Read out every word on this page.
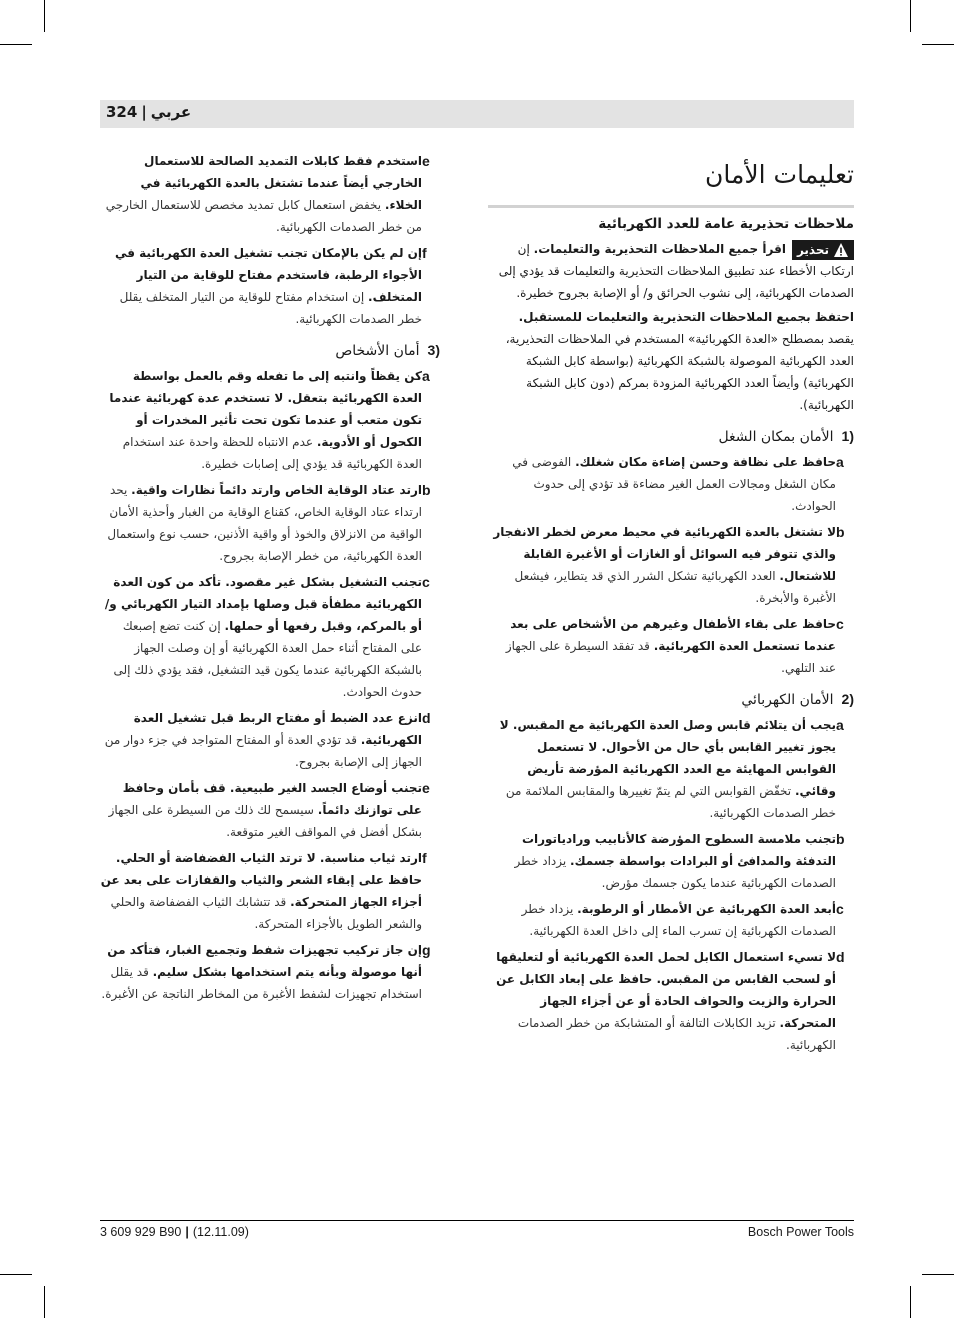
324 | عربي
تعليمات الأمان
ملاحظات تحذيرية عامة للعدد الكهربائية

تحذير
اقرأ جميع الملاحظات التحذيرية والتعليمات. إن ارتكاب الأخطاء عند تطبيق الملاحظات التحذيرية والتعليمات قد يؤدي إلى الصدمات الكهربائية، إلى نشوب الحرائق و/ أو الإصابة بجروح خطيرة.

احتفظ بجميع الملاحظات التحذيرية والتعليمات للمستقبل.

يقصد بمصطلح «العدة الكهربائية» المستخدم في الملاحظات التحذيرية، العدد الكهربائية الموصولة بالشبكة الكهربائية (بواسطة كابل الشبكة الكهربائية) وأيضاً العدد الكهربائية المزودة بمركم (دون كابل الشبكة الكهربائية).

1)
الأمان بمكان الشغل
a
حافظ على نظافة وحسن إضاءة مكان شغلك. الفوضى في مكان الشغل ومجالات العمل الغير مضاءة قد تؤدي إلى حدوث الحوادث.
b
لا تشتغل بالعدة الكهربائية في محيط معرض لخطر الانفجار والذي تتوفر فيه السوائل أو الغازات أو الأغبرة القابلة للاشتعال. العدد الكهربائية تشكل الشرر الذي قد يتطاير، فيشعل الأغبرة والأبخرة.
c
حافظ على بقاء الأطفال وغيرهم من الأشخاص على بعد عندما تستعمل العدة الكهربائية. قد تفقد السيطرة على الجهاز عند التلهي.
2)
الأمان الكهربائي
a
يجب أن يتلائم قابس وصل العدة الكهربائية مع المقبس. لا يجوز تغيير القابس بأي حال من الأحوال. لا تستعمل القوابس المهايئة مع العدد الكهربائية المؤرضة تأريض وقائي. تخفّض القوابس التي لم يتمّ تغييرها والمقابس الملائمة من خطر الصدمات الكهربائية.
b
تجنب ملامسة السطوح المؤرضة كالأنابيب ورادياتورات التدفئة والمدافئ أو البرادات بواسطة جسمك. يزداد خطر الصدمات الكهربائية عندما يكون جسمك مؤرض.
c
أبعد العدة الكهربائية عن الأمطار أو الرطوبة. يزداد خطر الصدمات الكهربائية إن تسرب الماء إلى داخل العدة الكهربائية.
d
لا تسيء استعمال الكابل لحمل العدة الكهربائية أو لتعليقها أو لسحب القابس من المقبس. حافظ على إبعاد الكابل عن الحرارة والزيت والحواف الحادة أو عن أجزاء الجهاز المتحركة. تزيد الكابلات التالفة أو المتشابكة من خطر الصدمات الكهربائية.
e
استخدم فقط كابلات التمديد الصالحة للاستعمال الخارجي أيضاً عندما تشتغل بالعدة الكهربائية في الخلاء. يخفض استعمال كابل تمديد مخصص للاستعمال الخارجي من خطر الصدمات الكهربائية.
f
إن لم يكن بالإمكان تجنب تشغيل العدة الكهربائية في الأجواء الرطبة، فاستخدم مفتاح للوقاية من التيار المتخلف. إن استخدام مفتاح للوقاية من التيار المتخلف يقلل خطر الصدمات الكهربائية.
3)
أمان الأشخاص
a
كن يقظاً وانتبه إلى ما تفعله وقم بالعمل بواسطة العدة الكهربائية بتعقل. لا تستخدم عدة كهربائية عندما تكون متعب أو عندما تكون تحت تأثير المخدرات أو الكحول أو الأدوية. عدم الانتباه للحظة واحدة عند استخدام العدة الكهربائية قد يؤدي إلى إصابات خطيرة.
b
ارتد عتاد الوقاية الخاص وارتد دائماً نظارات واقية. يحد ارتداء عتاد الوقاية الخاص، كقناع الوقاية من الغبار وأحذية الأمان الواقية من الانزلاق والخوذ أو واقية الأذنين، حسب نوع واستعمال العدة الكهربائية، من خطر الإصابة بجروح.
c
تجنب التشغيل بشكل غير مقصود. تأكد من كون العدة الكهربائية مطفأة قبل وصلها بإمداد التيار الكهربائي و/ أو بالمركم، وقبل رفعها أو حملها. إن كنت تضع إصبعك على المفتاح أثناء حمل العدة الكهربائية أو إن وصلت الجهاز بالشبكة الكهربائية عندما يكون قيد التشغيل، فقد يؤدي ذلك إلى حدوث الحوادث.
d
انزع عدد الضبط أو مفتاح الربط قبل تشغيل العدة الكهربائية. قد تؤدي العدة أو المفتاح المتواجد في جزء دوار من الجهاز إلى الإصابة بجروح.
e
تجنب أوضاع الجسد الغير طبيعية. قف بأمان وحافظ على توازنك دائماً. سيسمح لك ذلك من السيطرة على الجهاز بشكل أفضل في المواقف الغير متوقعة.
f
ارتد ثياب مناسبة. لا ترتد الثياب الفضفاضة أو الحلي. حافظ على إبقاء الشعر والثياب والقفازات على بعد عن أجزاء الجهاز المتحركة. قد تتشابك الثياب الفضفاضة والحلي والشعر الطويل بالأجزاء المتحركة.
g
إن جاز تركيب تجهيزات شفط وتجميع الغبار، فتأكد من أنها موصولة وبأنه يتم استخدامها بشكل سليم. قد يقلل استخدام تجهيزات لشفط الأغبرة من المخاطر الناتجة عن الأغبرة.
3 609 929 B90 | (12.11.09)	Bosch Power Tools
